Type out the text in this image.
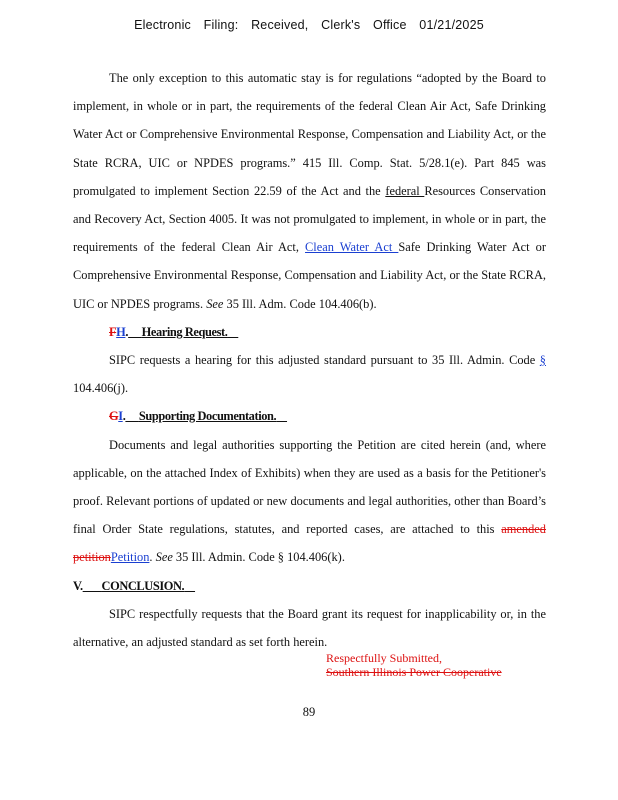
Electronic Filing: Received, Clerk's Office 01/21/2025

The only exception to this automatic stay is for regulations “adopted by the Board to implement, in whole or in part, the requirements of the federal Clean Air Act, Safe Drinking Water Act or Comprehensive Environmental Response, Compensation and Liability Act, or the State RCRA, UIC or NPDES programs.” 415 Ill. Comp. Stat. 5/28.1(e). Part 845 was promulgated to implement Section 22.59 of the Act and the federal Resources Conservation and Recovery Act, Section 4005. It was not promulgated to implement, in whole or in part, the requirements of the federal Clean Air Act, Clean Water Act Safe Drinking Water Act or Comprehensive Environmental Response, Compensation and Liability Act, or the State RCRA, UIC or NPDES programs. See 35 Ill. Adm. Code 104.406(b).

FH. Hearing Request.

SIPC requests a hearing for this adjusted standard pursuant to 35 Ill. Admin. Code § 104.406(j).

GI. Supporting Documentation.

Documents and legal authorities supporting the Petition are cited herein (and, where applicable, on the attached Index of Exhibits) when they are used as a basis for the Petitioner's proof. Relevant portions of updated or new documents and legal authorities, other than Board’s final Order State regulations, statutes, and reported cases, are attached to this amended petitionPetition. See 35 Ill. Admin. Code § 104.406(k).

V. CONCLUSION.

SIPC respectfully requests that the Board grant its request for inapplicability or, in the alternative, an adjusted standard as set forth herein.

Respectfully Submitted,
Southern Illinois Power Cooperative
89
